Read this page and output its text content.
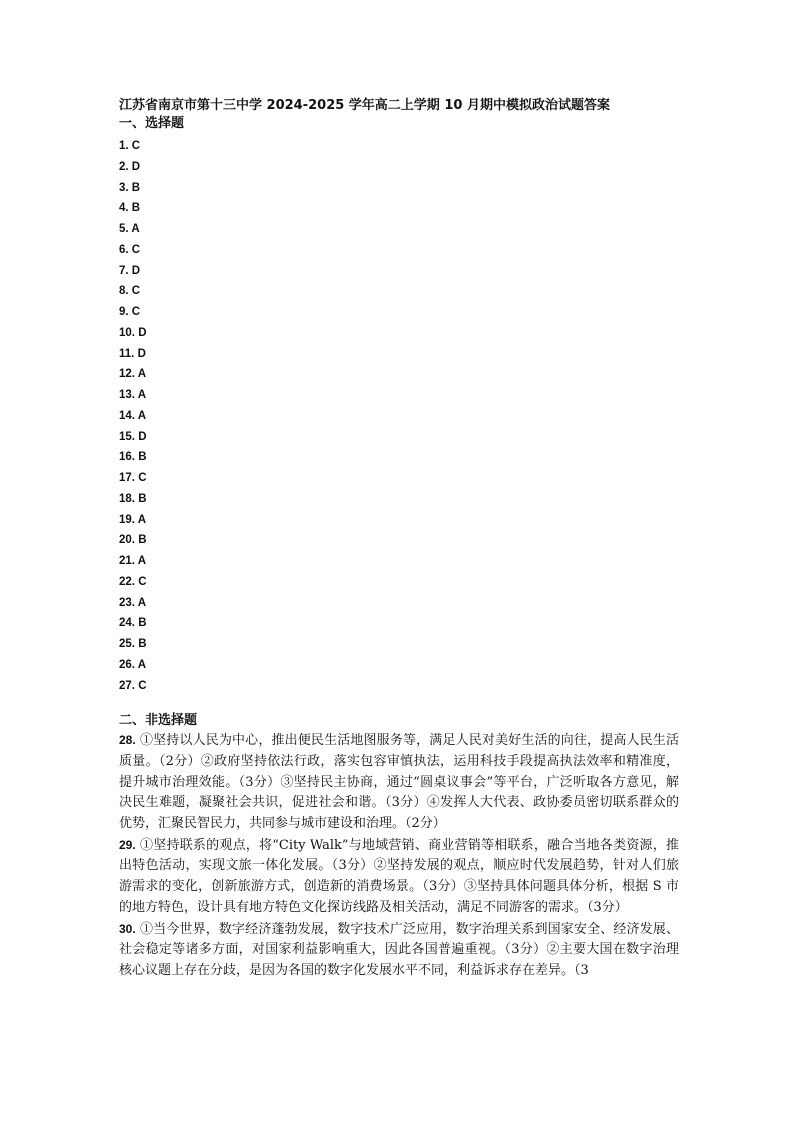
江苏省南京市第十三中学 2024-2025 学年高二上学期 10 月期中模拟政治试题答案
一、选择题
1. C
2. D
3. B
4. B
5. A
6. C
7. D
8. C
9. C
10. D
11. D
12. A
13. A
14. A
15. D
16. B
17. C
18. B
19. A
20. B
21. A
22. C
23. A
24. B
25. B
26. A
27. C
二、非选择题

28. ①坚持以人民为中心，推出便民生活地图服务等，满足人民对美好生活的向往，提高人民生活质量。（2分）②政府坚持依法行政，落实包容审慎执法，运用科技手段提高执法效率和精准度，提升城市治理效能。（3分）③坚持民主协商，通过“圆桌议事会”等平台，广泛听取各方意见，解决民生难题，凝聚社会共识，促进社会和谐。（3分）④发挥人大代表、政协委员密切联系群众的优势，汇聚民智民力，共同参与城市建设和治理。（2分）

29. ①坚持联系的观点，将“City Walk”与地域营销、商业营销等相联系，融合当地各类资源，推出特色活动，实现文旅一体化发展。（3分）②坚持发展的观点，顺应时代发展趋势，针对人们旅游需求的变化，创新旅游方式，创造新的消费场景。（3分）③坚持具体问题具体分析，根据 S 市的地方特色，设计具有地方特色文化探访线路及相关活动，满足不同游客的需求。（3分）

30. ①当今世界，数字经济蓬勃发展，数字技术广泛应用，数字治理关系到国家安全、经济发展、社会稳定等诸多方面，对国家利益影响重大，因此各国普遍重视。（3分）②主要大国在数字治理核心议题上存在分歧，是因为各国的数字化发展水平不同，利益诉求存在差异。（3
